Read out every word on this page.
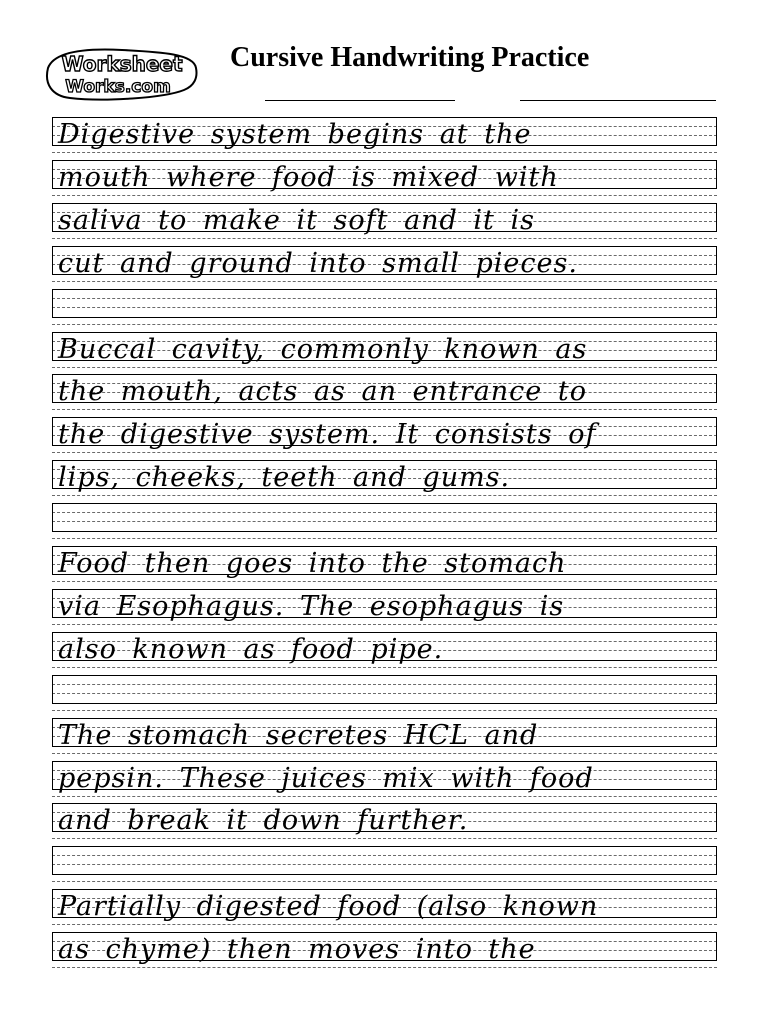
Worksheet
Works.com
Cursive Handwriting Practice
Digestive system begins at the
mouth where food is mixed with
saliva to make it soft and it is
cut and ground into small pieces.
Buccal cavity, commonly known as
the mouth, acts as an entrance to
the digestive system. It consists of
lips, cheeks, teeth and gums.
Food then goes into the stomach
via Esophagus. The esophagus is
also known as food pipe.
The stomach secretes HCL and
pepsin. These juices mix with food
and break it down further.
Partially digested food (also known
as chyme) then moves into the
